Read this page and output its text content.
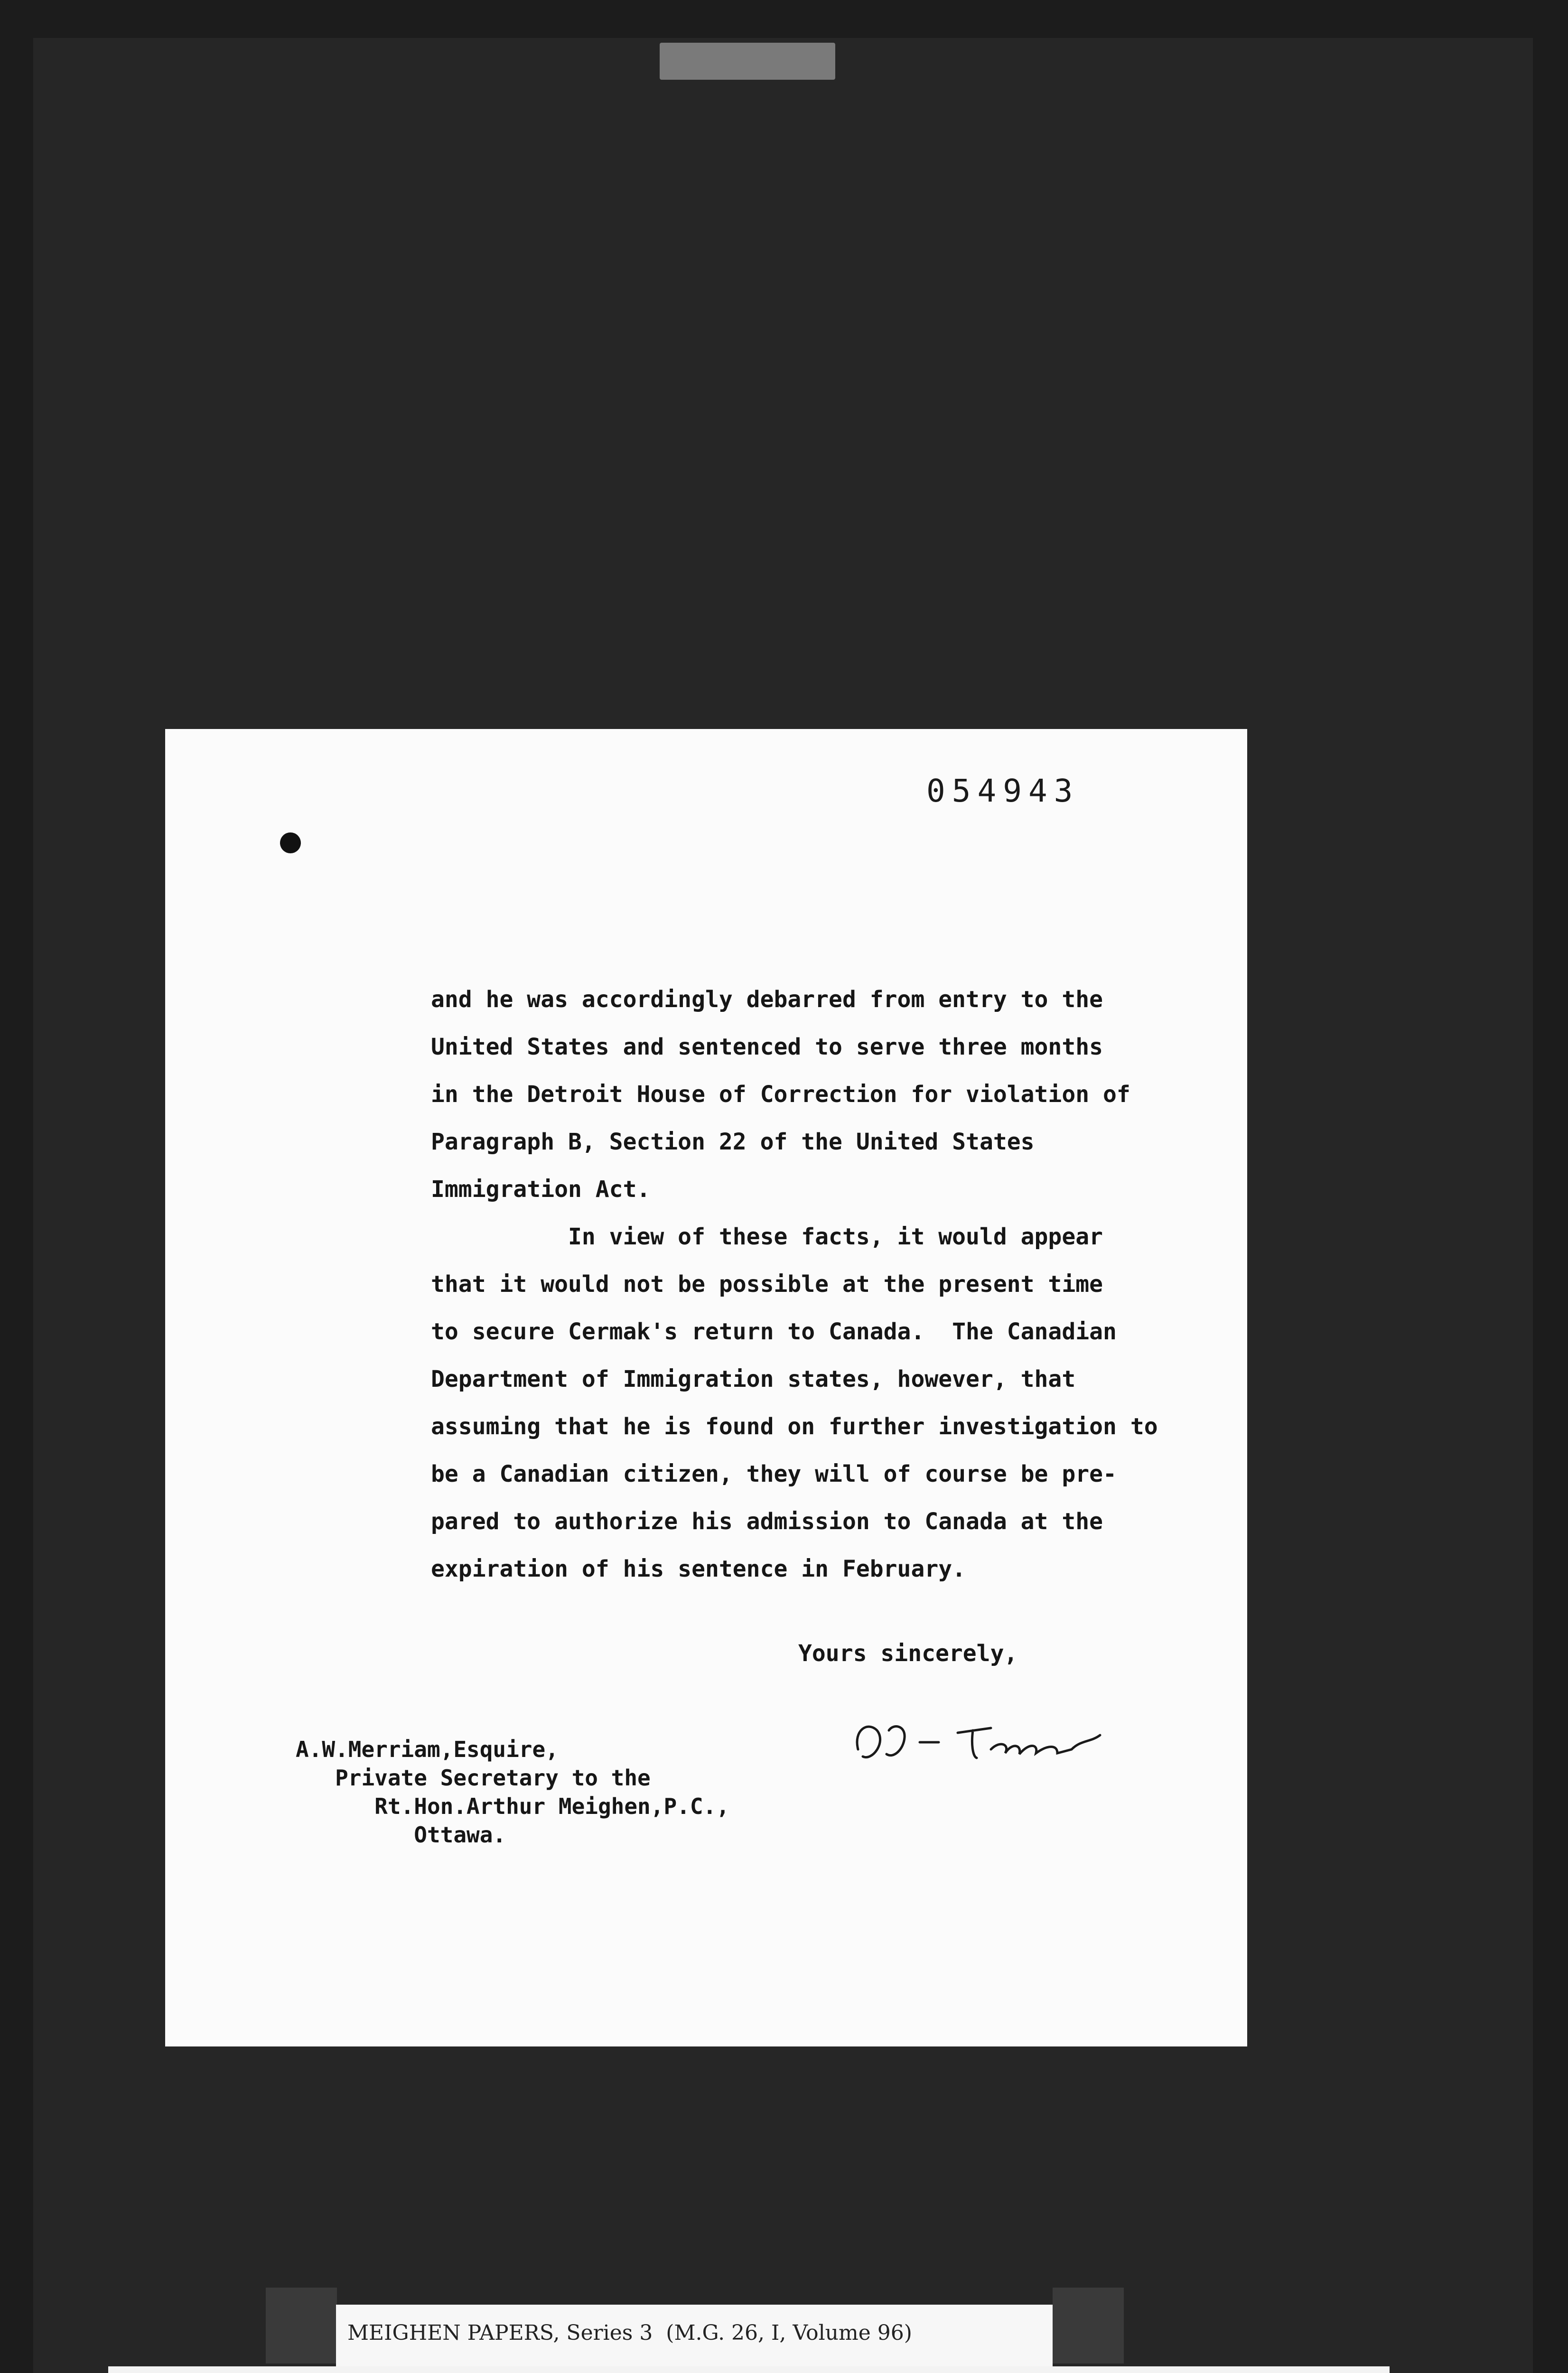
054943
and he was accordingly debarred from entry to the
United States and sentenced to serve three months
in the Detroit House of Correction for violation of
Paragraph B, Section 22 of the United States
Immigration Act.
In view of these facts, it would appear
that it would not be possible at the present time
to secure Cermak's return to Canada.  The Canadian
Department of Immigration states, however, that
assuming that he is found on further investigation to
be a Canadian citizen, they will of course be pre-
pared to authorize his admission to Canada at the
expiration of his sentence in February.
Yours sincerely,
A.W.Merriam,Esquire,
Private Secretary to the
Rt.Hon.Arthur Meighen,P.C.,
Ottawa.
MEIGHEN PAPERS, Series 3  (M.G. 26, I, Volume 96)
